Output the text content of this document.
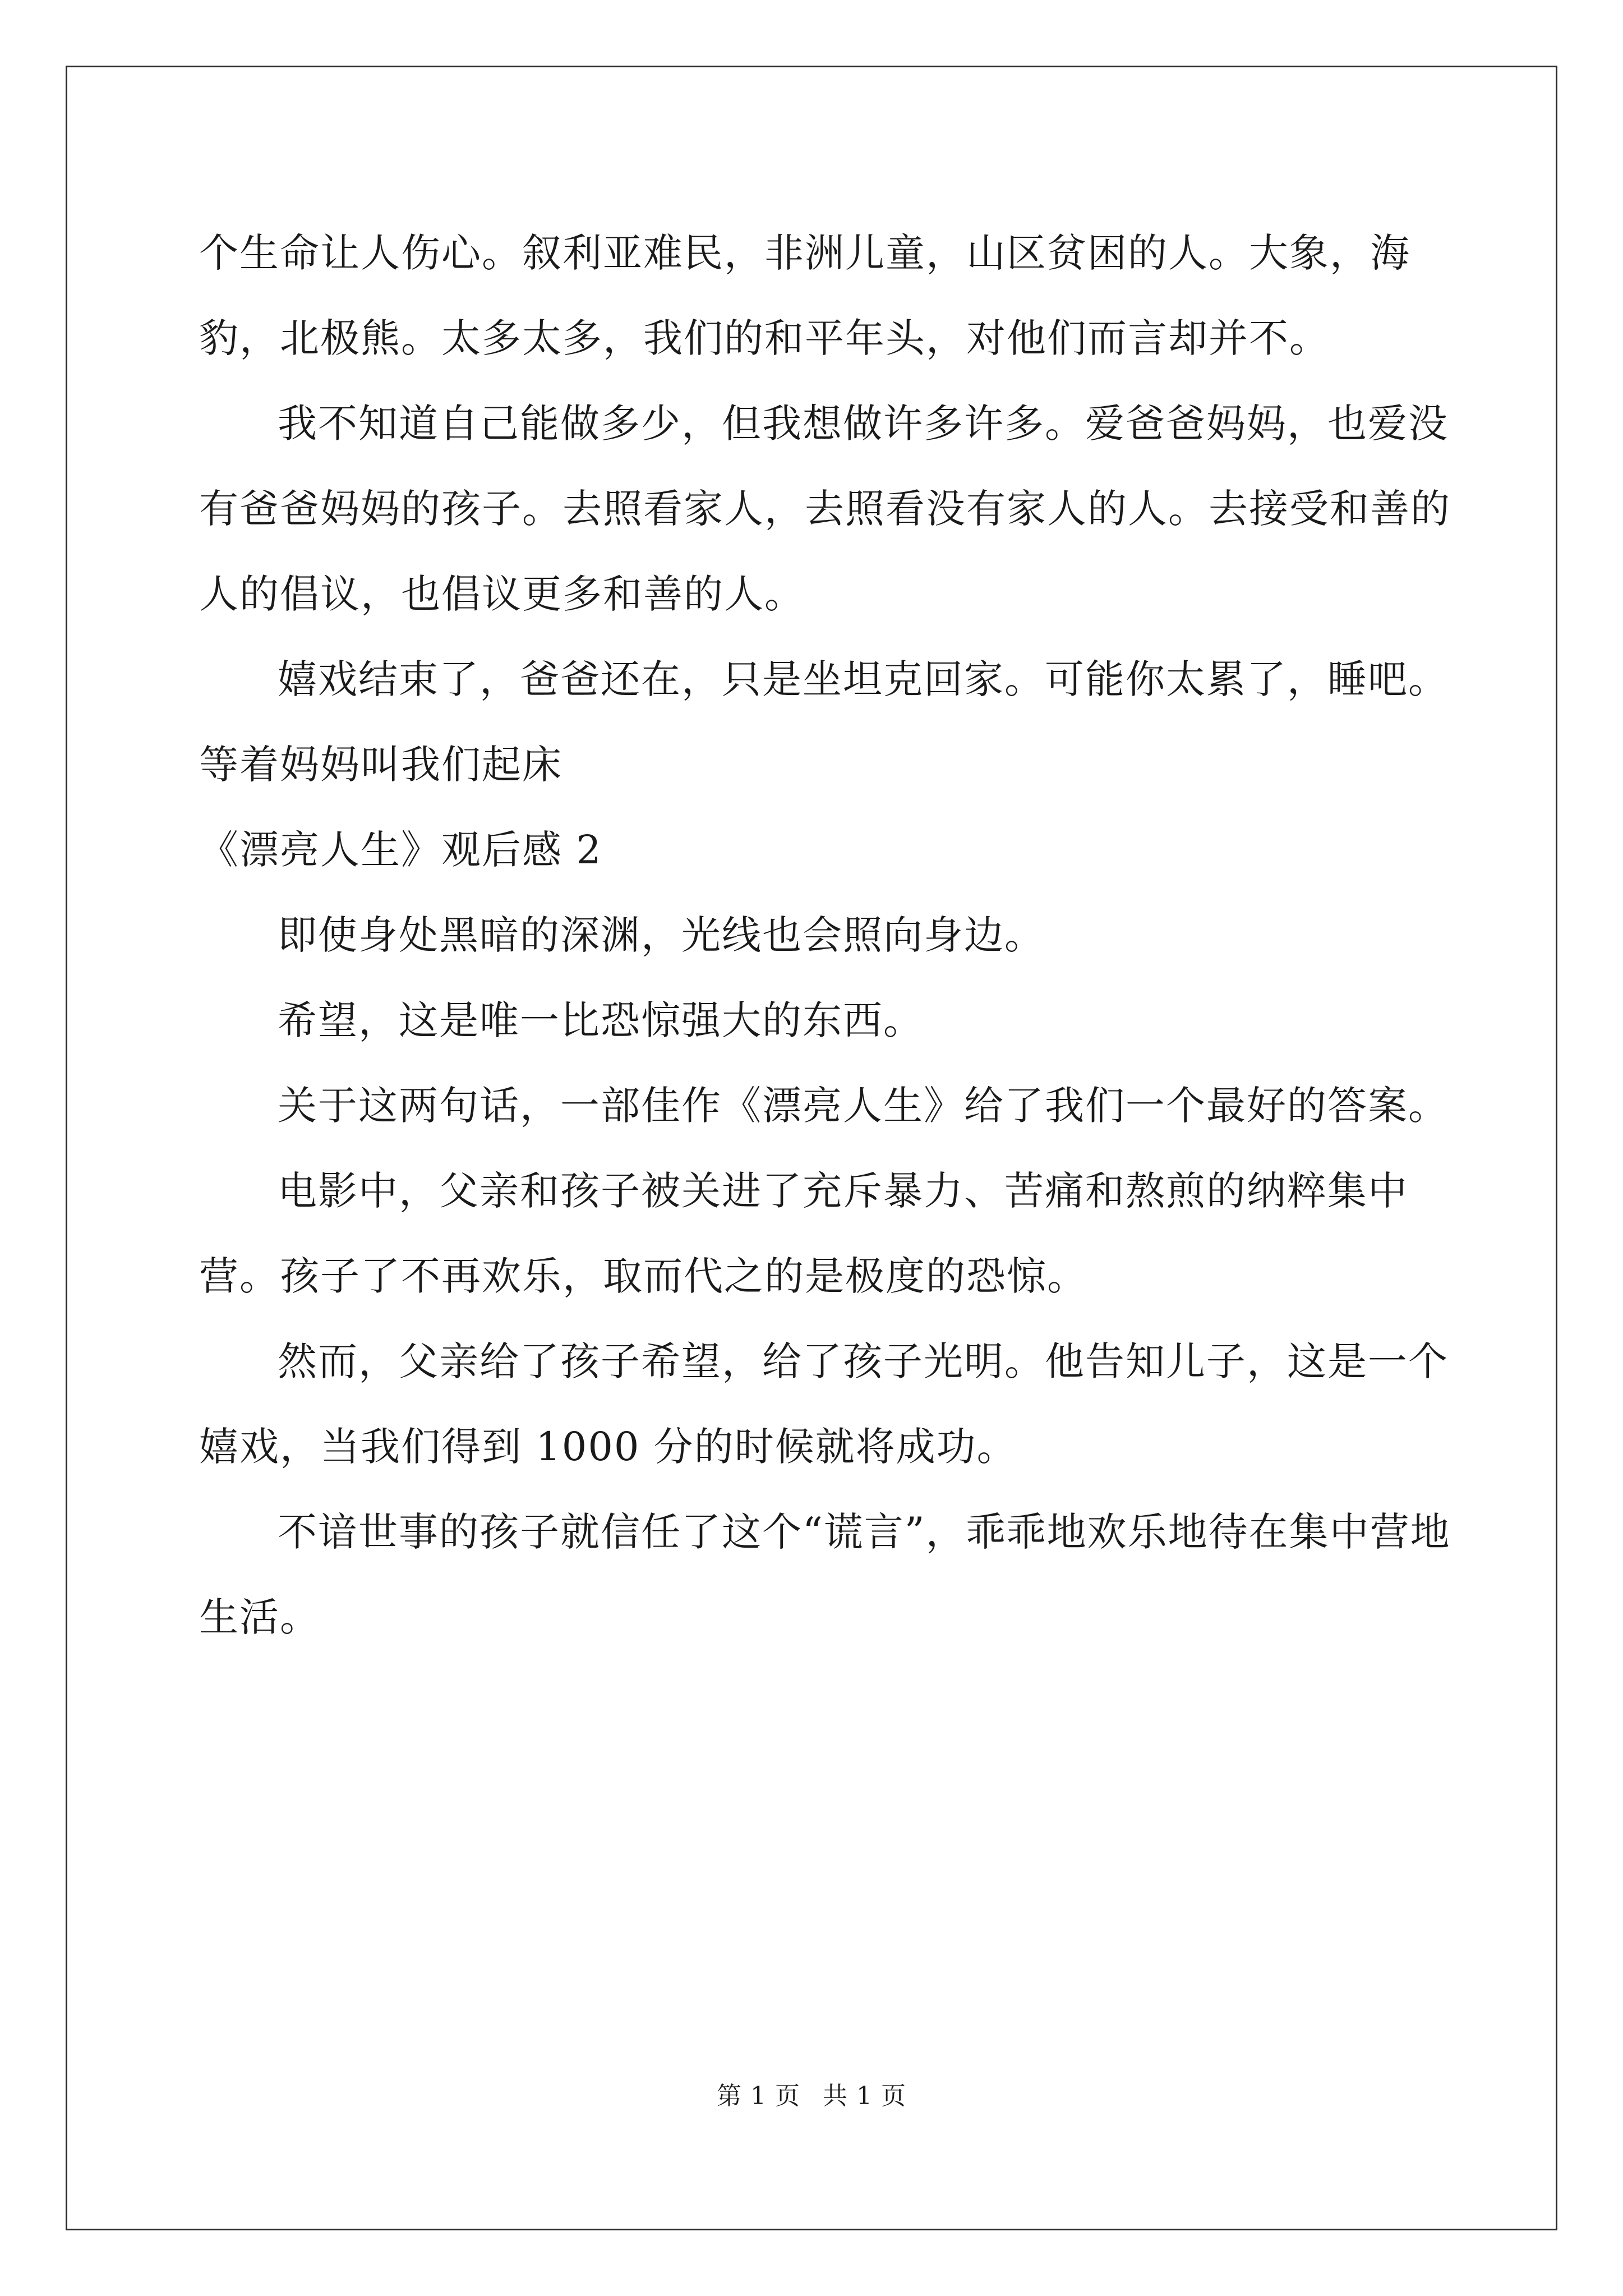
个生命让人伤心。叙利亚难民，非洲儿童，山区贫困的人。大象，海豹，北极熊。太多太多，我们的和平年头，对他们而言却并不。

我不知道自己能做多少，但我想做许多许多。爱爸爸妈妈，也爱没有爸爸妈妈的孩子。去照看家人，去照看没有家人的人。去接受和善的人的倡议，也倡议更多和善的人。

嬉戏结束了，爸爸还在，只是坐坦克回家。可能你太累了，睡吧。

等着妈妈叫我们起床

《漂亮人生》观后感 2

即使身处黑暗的深渊，光线也会照向身边。

希望，这是唯一比恐惊强大的东西。

关于这两句话，一部佳作《漂亮人生》给了我们一个最好的答案。

电影中，父亲和孩子被关进了充斥暴力、苦痛和熬煎的纳粹集中营。孩子了不再欢乐，取而代之的是极度的恐惊。

然而，父亲给了孩子希望，给了孩子光明。他告知儿子，这是一个嬉戏，当我们得到 1000 分的时候就将成功。

不谙世事的孩子就信任了这个“谎言”，乖乖地欢乐地待在集中营地生活。

第 1 页 共 1 页
